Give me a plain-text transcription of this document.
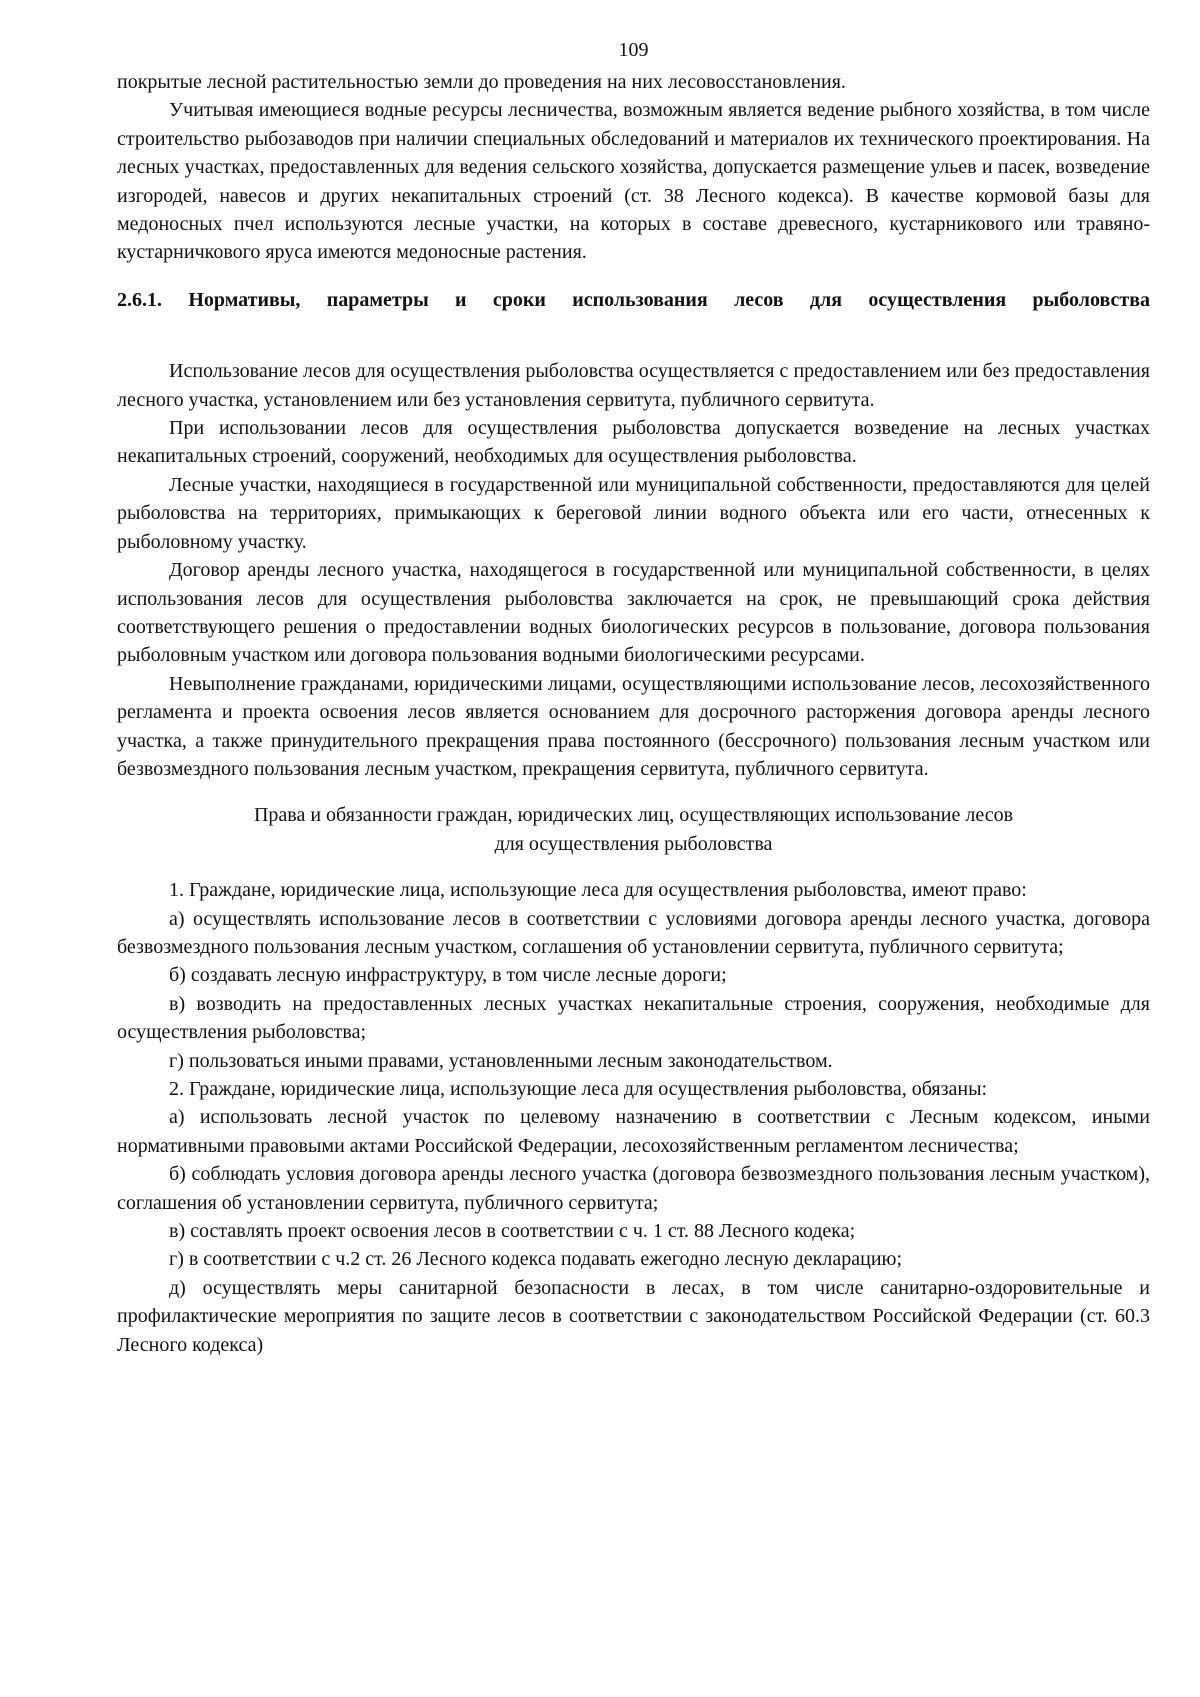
109

покрытые лесной растительностью земли до проведения на них лесовосстановления.

Учитывая имеющиеся водные ресурсы лесничества, возможным является ведение рыбного хозяйства, в том числе строительство рыбозаводов при наличии специальных обследований и материалов их технического проектирования. На лесных участках, предоставленных для ведения сельского хозяйства, допускается размещение ульев и пасек, возведение изгородей, навесов и других некапитальных строений (ст. 38 Лесного кодекса). В качестве кормовой базы для медоносных пчел используются лесные участки, на которых в составе древесного, кустарникового или травяно-кустарничкового яруса имеются медоносные растения.

2.6.1. Нормативы, параметры и сроки использования лесов для осуществления рыболовства

Использование лесов для осуществления рыболовства осуществляется с предоставлением или без предоставления лесного участка, установлением или без установления сервитута, публичного сервитута.

При использовании лесов для осуществления рыболовства допускается возведение на лесных участках некапитальных строений, сооружений, необходимых для осуществления рыболовства.

Лесные участки, находящиеся в государственной или муниципальной собственности, предоставляются для целей рыболовства на территориях, примыкающих к береговой линии водного объекта или его части, отнесенных к рыболовному участку.

Договор аренды лесного участка, находящегося в государственной или муниципальной собственности, в целях использования лесов для осуществления рыболовства заключается на срок, не превышающий срока действия соответствующего решения о предоставлении водных биологических ресурсов в пользование, договора пользования рыболовным участком или договора пользования водными биологическими ресурсами.

Невыполнение гражданами, юридическими лицами, осуществляющими использование лесов, лесохозяйственного регламента и проекта освоения лесов является основанием для досрочного расторжения договора аренды лесного участка, а также принудительного прекращения права постоянного (бессрочного) пользования лесным участком или безвозмездного пользования лесным участком, прекращения сервитута, публичного сервитута.

Права и обязанности граждан, юридических лиц, осуществляющих использование лесов
для осуществления рыболовства

1. Граждане, юридические лица, использующие леса для осуществления рыболовства, имеют право:

а) осуществлять использование лесов в соответствии с условиями договора аренды лесного участка, договора безвозмездного пользования лесным участком, соглашения об установлении сервитута, публичного сервитута;

б) создавать лесную инфраструктуру, в том числе лесные дороги;

в) возводить на предоставленных лесных участках некапитальные строения, сооружения, необходимые для осуществления рыболовства;

г) пользоваться иными правами, установленными лесным законодательством.

2. Граждане, юридические лица, использующие леса для осуществления рыболовства, обязаны:

а) использовать лесной участок по целевому назначению в соответствии с Лесным кодексом, иными нормативными правовыми актами Российской Федерации, лесохозяйственным регламентом лесничества;

б) соблюдать условия договора аренды лесного участка (договора безвозмездного пользования лесным участком), соглашения об установлении сервитута, публичного сервитута;

в) составлять проект освоения лесов в соответствии с ч. 1 ст. 88 Лесного кодека;

г) в соответствии с ч.2 ст. 26 Лесного кодекса подавать ежегодно лесную декларацию;

д) осуществлять меры санитарной безопасности в лесах, в том числе санитарно-оздоровительные и профилактические мероприятия по защите лесов в соответствии с законодательством Российской Федерации (ст. 60.3 Лесного кодекса)
